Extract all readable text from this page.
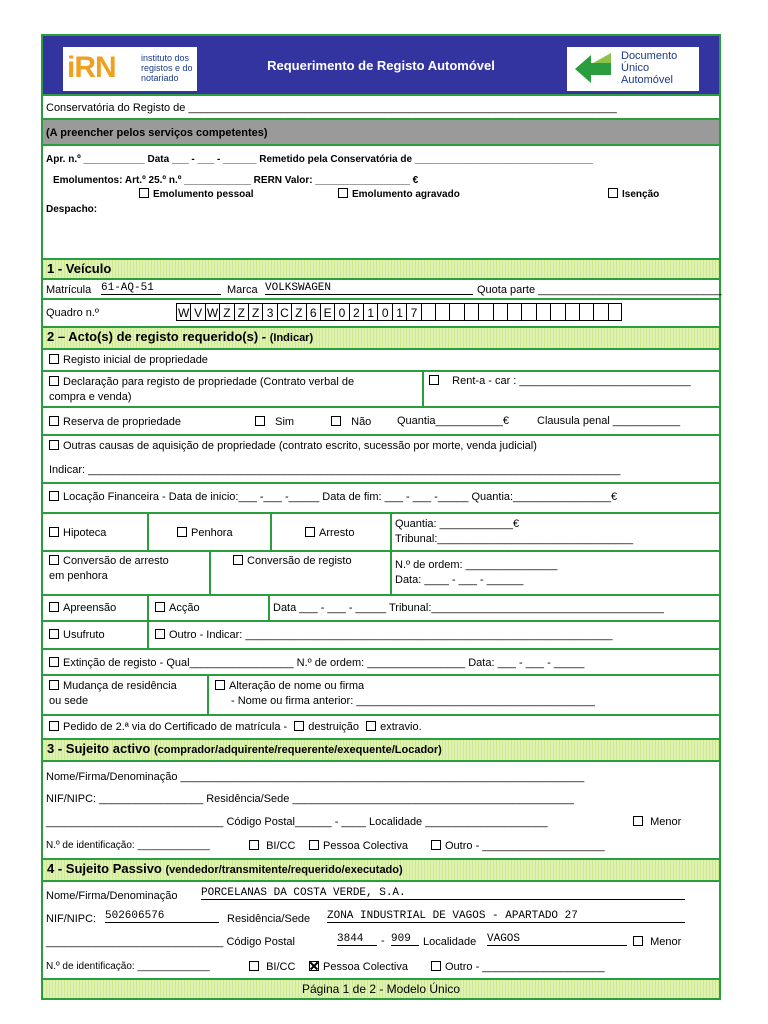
iRN	instituto dos registos e do notariado
Requerimento de Registo Automóvel
Documento Único Automóvel
Conservatória do Registo de ______________________________________________________________________
(A preencher pelos serviços competentes)
Apr. n.º ___________ Data ___ - ___ - ______ Remetido pela Conservatória de ________________________________
Emolumentos: Art.º 25.º n.º ____________ RERN Valor: _________________ €
Emolumento pessoal	Emolumento agravado	Isenção
Despacho:
1 - Veículo
Matrícula 61-AQ-51	Marca VOLKSWAGEN	Quota parte ______________________________
Quadro n.º	W V W Z Z Z 3 C Z 6 E 0 2 1 0 1 7
2 – Acto(s) de registo requerido(s) - (Indicar)
Registo inicial de propriedade
Declaração para registo de propriedade (Contrato verbal de
compra e venda)
Rent-a - car : ____________________________
Reserva de propriedade	Sim	Não Quantia___________€	Clausula penal ___________
Outras causas de aquisição de propriedade (contrato escrito, sucessão por morte, venda judicial)
Indicar: _______________________________________________________________________________________
Locação Financeira - Data de inicio:___ -___ -_____ Data de fim: ___ - ___ -_____ Quantia:________________€
Hipoteca	Penhora	Arresto
Quantia: ____________€
Tribunal:________________________________
Conversão de arresto
em penhora
Conversão de registo	N.º de ordem: _______________
Data: ____ - ___ - ______
Apreensão	Acção	Data ___ - ___ - _____ Tribunal:______________________________________
Usufruto	Outro - Indicar: ____________________________________________________________
Extinção de registo - Qual_________________ N.º de ordem: ________________ Data: ___ - ___ - _____
Mudança de residência
ou sede
Alteração de nome ou firma
- Nome ou firma anterior: _______________________________________
Pedido de 2.ª via do Certificado de matrícula - destruição extravio.
3 - Sujeito activo (comprador/adquirente/requerente/exequente/Locador)
Nome/Firma/Denominação __________________________________________________________________
NIF/NIPC: _________________ Residência/Sede ______________________________________________
_____________________________ Código Postal______ - ____ Localidade ____________________	Menor
N.º de identificação: _____________	BI/CC	Pessoa Colectiva	Outro - ____________________
4 - Sujeito Passivo (vendedor/transmitente/requerido/executado)
Nome/Firma/Denominação PORCELANAS DA COSTA VERDE, S.A.
NIF/NIPC: 502606576	Residência/Sede ZONA INDUSTRIAL DE VAGOS - APARTADO 27
_____________________________ Código Postal	3844	- 909	Localidade VAGOS	Menor
N.º de identificação: _____________	BI/CC	Pessoa Colectiva	Outro - ____________________
Página 1 de 2 - Modelo Único
